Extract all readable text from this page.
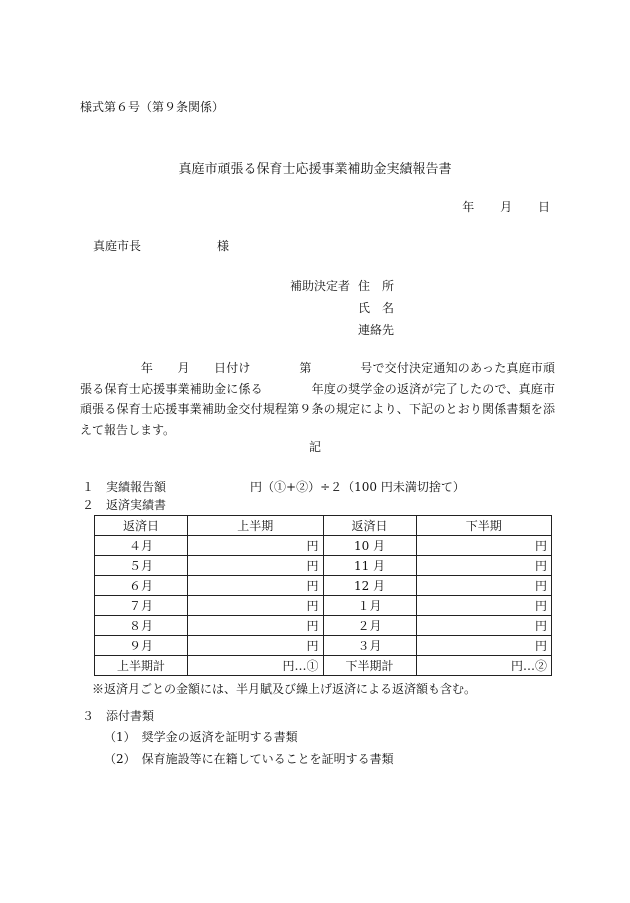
様式第６号（第９条関係）
真庭市頑張る保育士応援事業補助金実績報告書
年 月 日
真庭市長	様
補助決定者 住　所
氏　名
連絡先
　　　　　年　　月　　日付け　　　　第　　　　号で交付決定通知のあった真庭市頑張る保育士応援事業補助金に係る　　　　年度の奨学金の返済が完了したので、真庭市頑張る保育士応援事業補助金交付規程第９条の規定により、下記のとおり関係書類を添えて報告します。
記
１　実績報告額	円（①+②）÷２（100 円未満切捨て）
２　返済実績書
返済日	上半期	返済日	下半期
４月	円	10 月	円
５月	円	11 月	円
６月	円	12 月	円
７月	円	１月	円
８月	円	２月	円
９月	円	３月	円
上半期計	円…①	下半期計	円…②
※返済月ごとの金額には、半月賦及び繰上げ返済による返済額も含む。
３　添付書類
（1）　奨学金の返済を証明する書類
（2）　保育施設等に在籍していることを証明する書類
